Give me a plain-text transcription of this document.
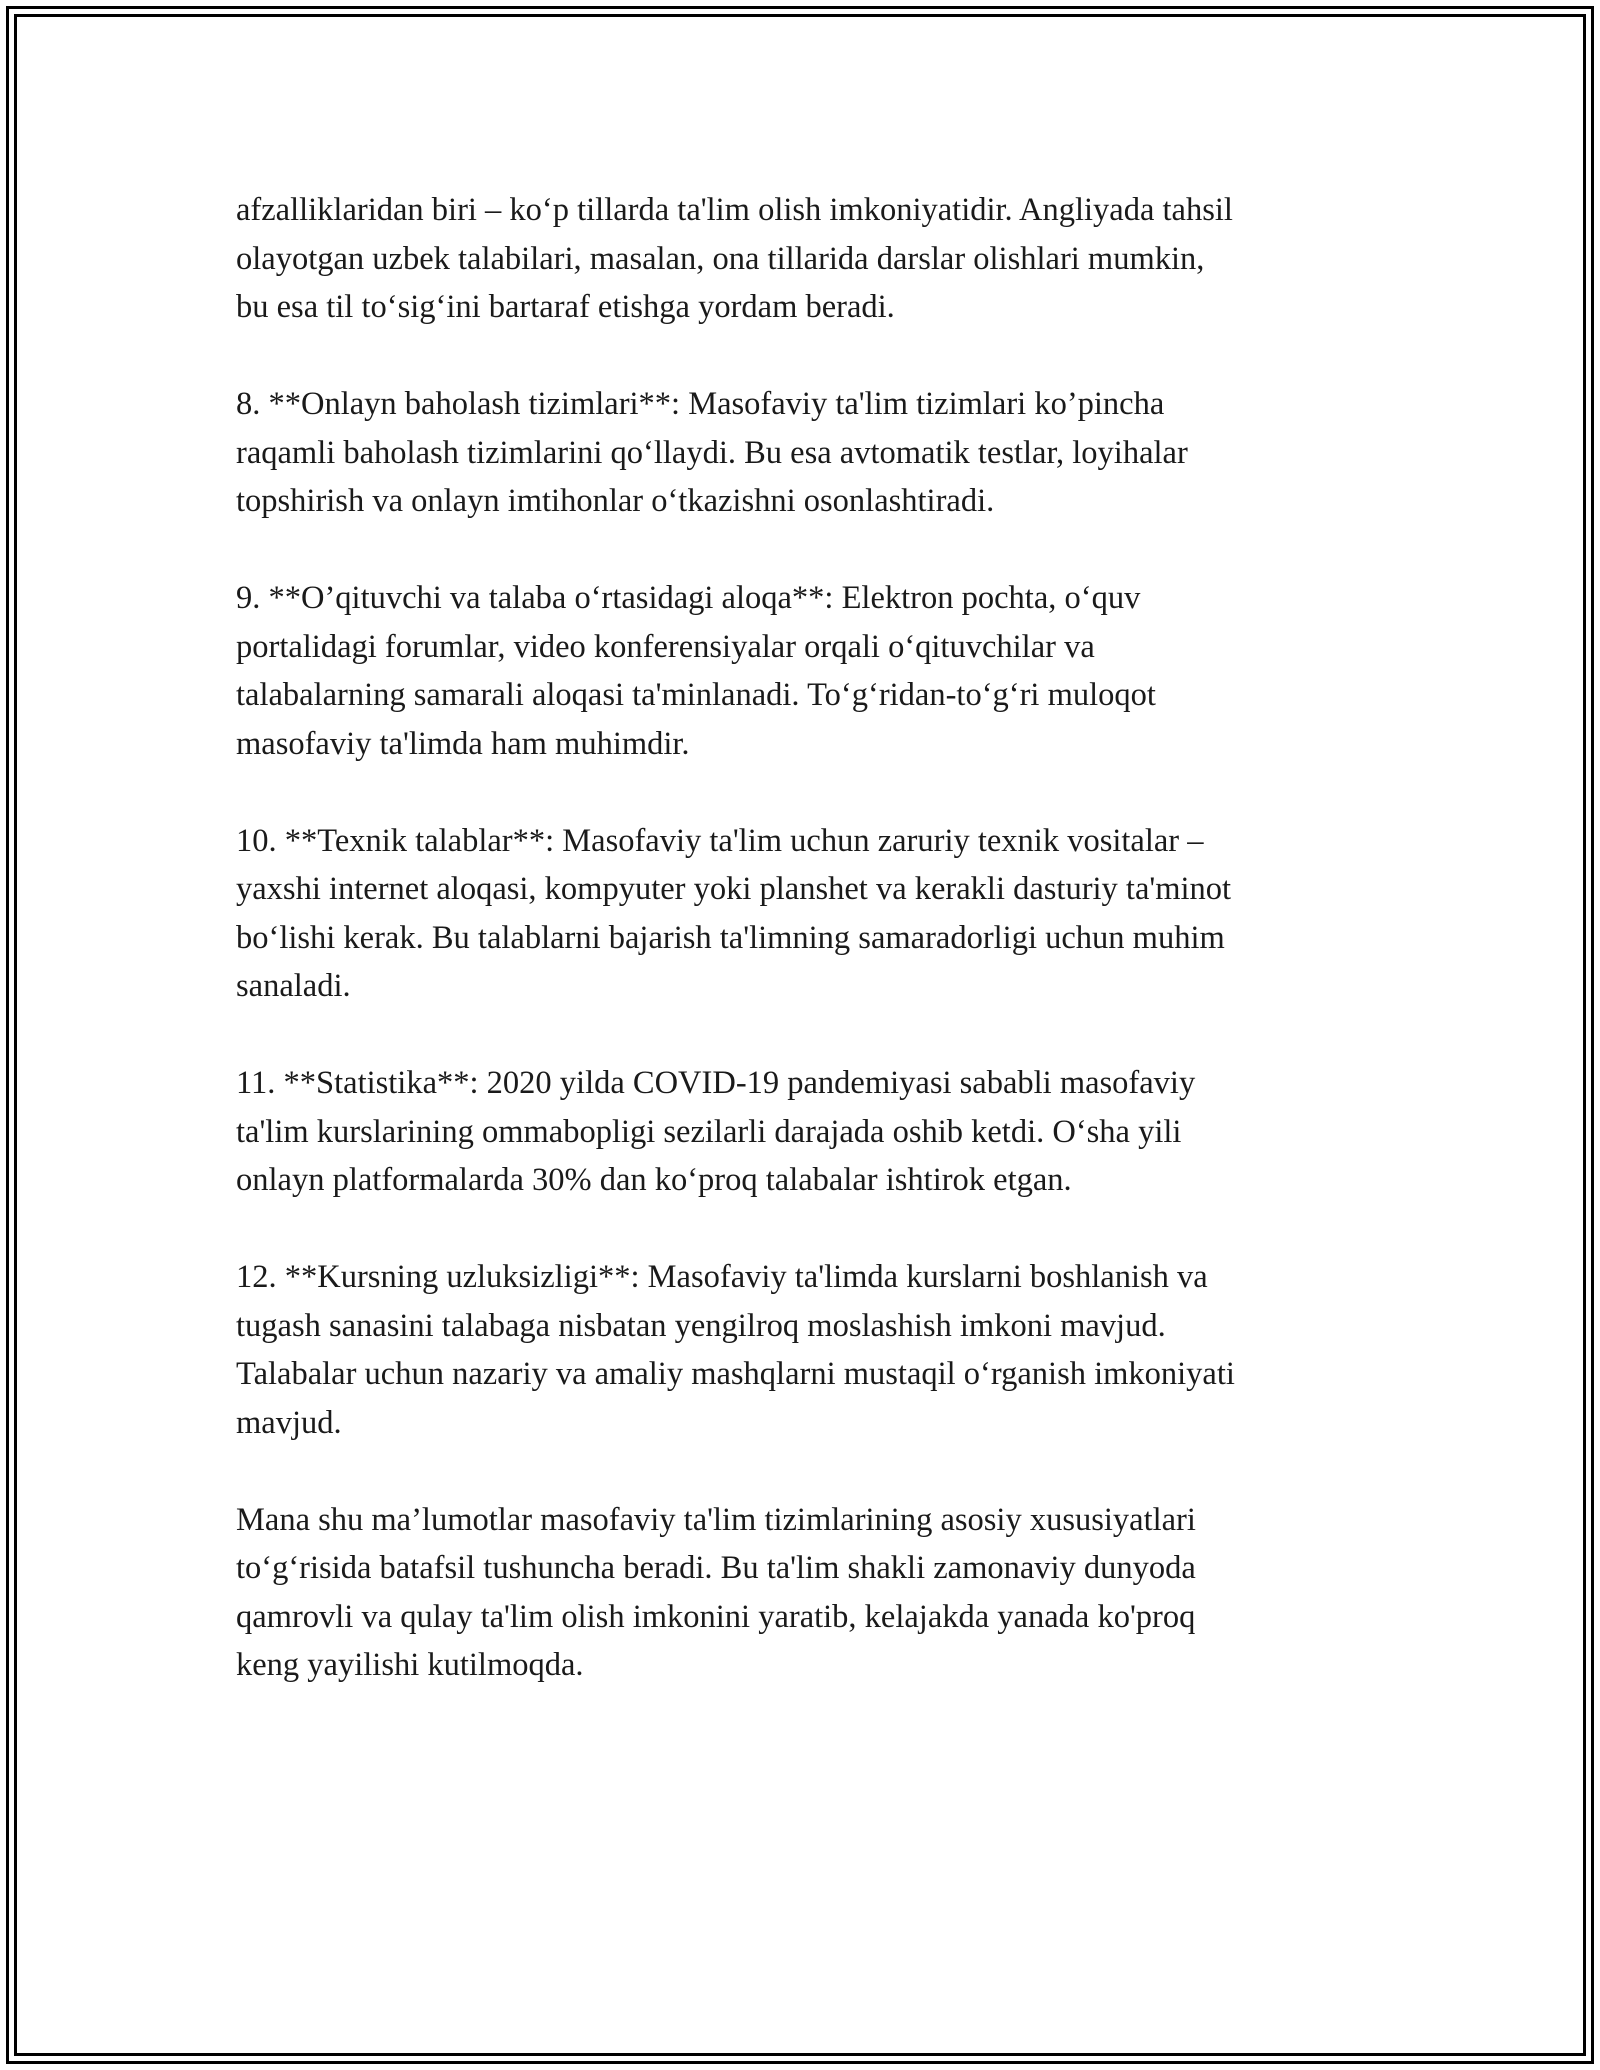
afzalliklaridan biri – koʻp tillarda ta'lim olish imkoniyatidir. Angliyada tahsil
olayotgan uzbek talabilari, masalan, ona tillarida darslar olishlari mumkin,
bu esa til toʻsigʻini bartaraf etishga yordam beradi.

8. **Onlayn baholash tizimlari**: Masofaviy ta'lim tizimlari ko’pincha
raqamli baholash tizimlarini qoʻllaydi. Bu esa avtomatik testlar, loyihalar
topshirish va onlayn imtihonlar oʻtkazishni osonlashtiradi.

9. **O’qituvchi va talaba oʻrtasidagi aloqa**: Elektron pochta, oʻquv
portalidagi forumlar, video konferensiyalar orqali oʻqituvchilar va
talabalarning samarali aloqasi ta'minlanadi. Toʻgʻridan-toʻgʻri muloqot
masofaviy ta'limda ham muhimdir.

10. **Texnik talablar**: Masofaviy ta'lim uchun zaruriy texnik vositalar –
yaxshi internet aloqasi, kompyuter yoki planshet va kerakli dasturiy ta'minot
boʻlishi kerak. Bu talablarni bajarish ta'limning samaradorligi uchun muhim
sanaladi.

11. **Statistika**: 2020 yilda COVID-19 pandemiyasi sababli masofaviy
ta'lim kurslarining ommabopligi sezilarli darajada oshib ketdi. Oʻsha yili
onlayn platformalarda 30% dan koʻproq talabalar ishtirok etgan.

12. **Kursning uzluksizligi**: Masofaviy ta'limda kurslarni boshlanish va
tugash sanasini talabaga nisbatan yengilroq moslashish imkoni mavjud.
Talabalar uchun nazariy va amaliy mashqlarni mustaqil oʻrganish imkoniyati
mavjud.

Mana shu ma’lumotlar masofaviy ta'lim tizimlarining asosiy xususiyatlari
toʻgʻrisida batafsil tushuncha beradi. Bu ta'lim shakli zamonaviy dunyoda
qamrovli va qulay ta'lim olish imkonini yaratib, kelajakda yanada ko'proq
keng yayilishi kutilmoqda.
